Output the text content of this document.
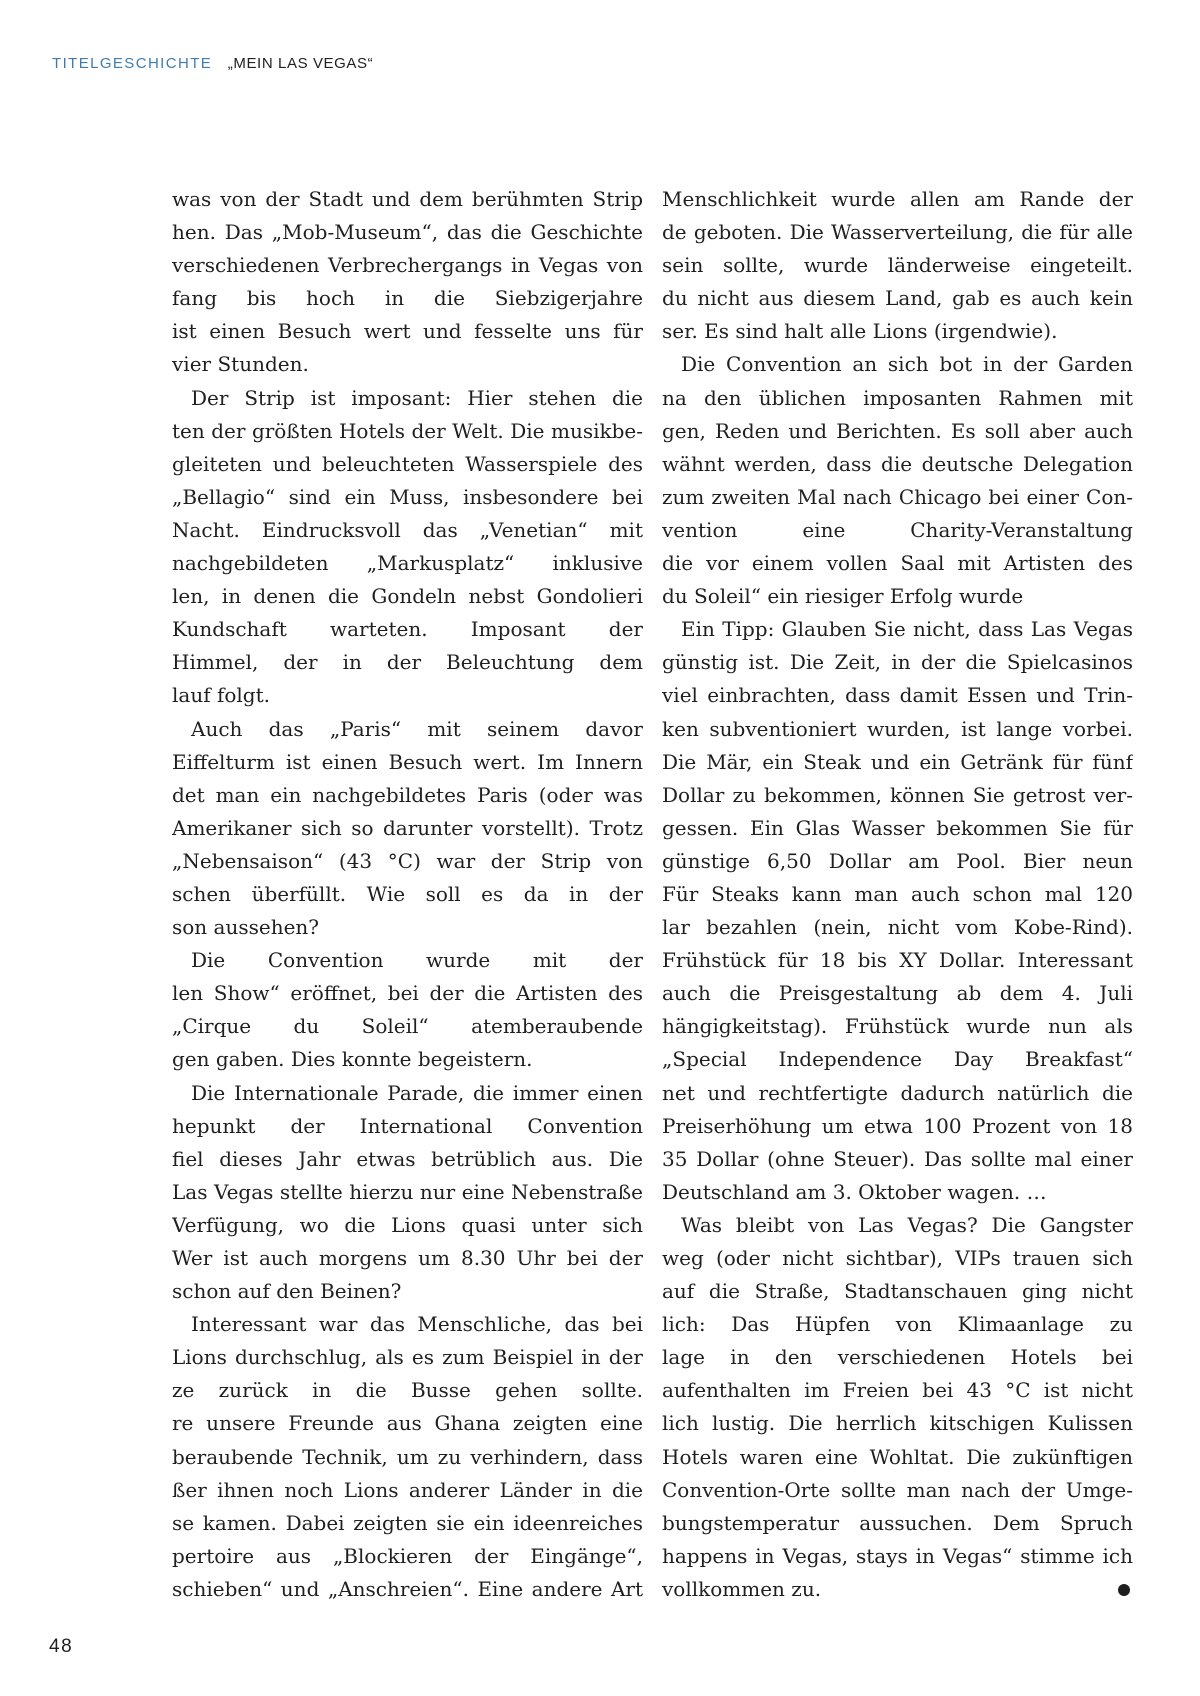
TITELGESCHICHTE „MEIN LAS VEGAS“
was von der Stadt und dem berühmten Strip
hen. Das „Mob-Museum“, das die Geschichte
verschiedenen Verbrechergangs in Vegas von
fang bis hoch in die Siebzigerjahre
ist einen Besuch wert und fesselte uns für
vier Stunden.
Der Strip ist imposant: Hier stehen die
ten der größten Hotels der Welt. Die musikbe-
gleiteten und beleuchteten Wasserspiele des
„Bellagio“ sind ein Muss, insbesondere bei
Nacht. Eindrucksvoll das „Venetian“ mit
nachgebildeten „Markusplatz“ inklusive
len, in denen die Gondeln nebst Gondolieri
Kundschaft warteten. Imposant der
Himmel, der in der Beleuchtung dem
lauf folgt.
Auch das „Paris“ mit seinem davor
Eiffelturm ist einen Besuch wert. Im Innern
det man ein nachgebildetes Paris (oder was
Amerikaner sich so darunter vorstellt). Trotz
„Nebensaison“ (43 °C) war der Strip von
schen überfüllt. Wie soll es da in der
son aussehen?
Die Convention wurde mit der
len Show“ eröffnet, bei der die Artisten des
„Cirque du Soleil“ atemberaubende
gen gaben. Dies konnte begeistern.
Die Internationale Parade, die immer einen
hepunkt der International Convention
fiel dieses Jahr etwas betrüblich aus. Die
Las Vegas stellte hierzu nur eine Nebenstraße
Verfügung, wo die Lions quasi unter sich
Wer ist auch morgens um 8.30 Uhr bei der
schon auf den Beinen?
Interessant war das Menschliche, das bei
Lions durchschlug, als es zum Beispiel in der
ze zurück in die Busse gehen sollte.
re unsere Freunde aus Ghana zeigten eine
beraubende Technik, um zu verhindern, dass
ßer ihnen noch Lions anderer Länder in die
se kamen. Dabei zeigten sie ein ideenreiches
pertoire aus „Blockieren der Eingänge“,
schieben“ und „Anschreien“. Eine andere Art
Menschlichkeit wurde allen am Rande der
de geboten. Die Wasserverteilung, die für alle
sein sollte, wurde länderweise eingeteilt.
du nicht aus diesem Land, gab es auch kein
ser. Es sind halt alle Lions (irgendwie).
Die Convention an sich bot in der Garden
na den üblichen imposanten Rahmen mit
gen, Reden und Berichten. Es soll aber auch
wähnt werden, dass die deutsche Delegation
zum zweiten Mal nach Chicago bei einer Con-
vention eine Charity-Veranstaltung
die vor einem vollen Saal mit Artisten des
du Soleil“ ein riesiger Erfolg wurde
Ein Tipp: Glauben Sie nicht, dass Las Vegas
günstig ist. Die Zeit, in der die Spielcasinos
viel einbrachten, dass damit Essen und Trin-
ken subventioniert wurden, ist lange vorbei.
Die Mär, ein Steak und ein Getränk für fünf
Dollar zu bekommen, können Sie getrost ver-
gessen. Ein Glas Wasser bekommen Sie für
günstige 6,50 Dollar am Pool. Bier neun
Für Steaks kann man auch schon mal 120
lar bezahlen (nein, nicht vom Kobe-Rind).
Frühstück für 18 bis XY Dollar. Interessant
auch die Preisgestaltung ab dem 4. Juli
hängigkeitstag). Frühstück wurde nun als
„Special Independence Day Breakfast“
net und rechtfertigte dadurch natürlich die
Preiserhöhung um etwa 100 Prozent von 18
35 Dollar (ohne Steuer). Das sollte mal einer
Deutschland am 3. Oktober wagen. …
Was bleibt von Las Vegas? Die Gangster
weg (oder nicht sichtbar), VIPs trauen sich
auf die Straße, Stadtanschauen ging nicht
lich: Das Hüpfen von Klimaanlage zu
lage in den verschiedenen Hotels bei
aufenthalten im Freien bei 43 °C ist nicht
lich lustig. Die herrlich kitschigen Kulissen
Hotels waren eine Wohltat. Die zukünftigen
Convention-Orte sollte man nach der Umge-
bungstemperatur aussuchen. Dem Spruch
happens in Vegas, stays in Vegas“ stimme ich
vollkommen zu.
48
